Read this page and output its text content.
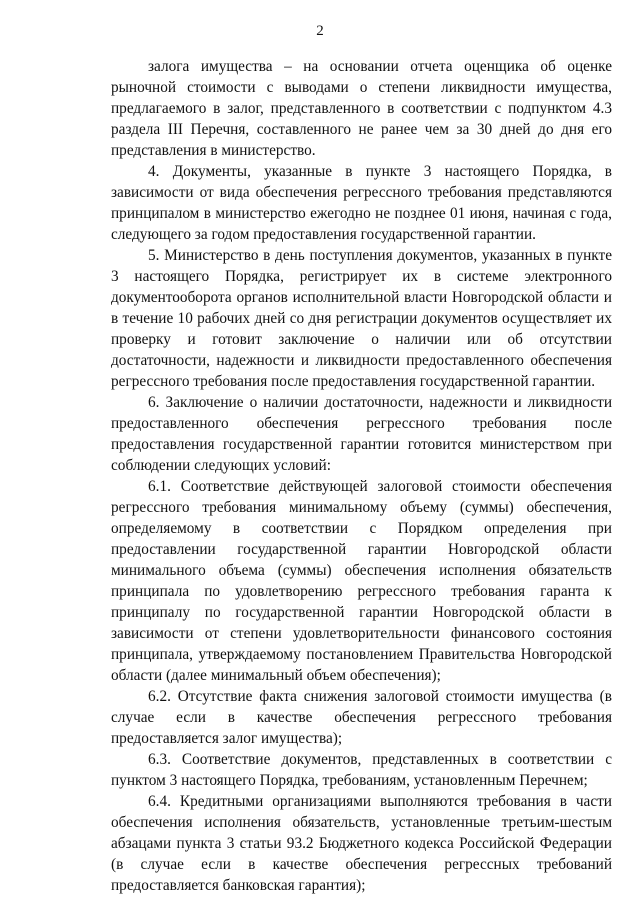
2

залога имущества – на основании отчета оценщика об оценке рыночной стоимости с выводами о степени ликвидности имущества, предлагаемого в залог, представленного в соответствии с подпунктом 4.3 раздела III Перечня, составленного не ранее чем за 30 дней до дня его представления в министерство.

4. Документы, указанные в пункте 3 настоящего Порядка, в зависимости от вида обеспечения регрессного требования представляются принципалом в министерство ежегодно не позднее 01 июня, начиная с года, следующего за годом предоставления государственной гарантии.

5. Министерство в день поступления документов, указанных в пункте 3 настоящего Порядка, регистрирует их в системе электронного документооборота органов исполнительной власти Новгородской области и в течение 10 рабочих дней со дня регистрации документов осуществляет их проверку и готовит заключение о наличии или об отсутствии достаточности, надежности и ликвидности предоставленного обеспечения регрессного требования после предоставления государственной гарантии.

6. Заключение о наличии достаточности, надежности и ликвидности предоставленного обеспечения регрессного требования после предоставления государственной гарантии готовится министерством при соблюдении следующих условий:

6.1. Соответствие действующей залоговой стоимости обеспечения регрессного требования минимальному объему (суммы) обеспечения, определяемому в соответствии с Порядком определения при предоставлении государственной гарантии Новгородской области минимального объема (суммы) обеспечения исполнения обязательств принципала по удовлетворению регрессного требования гаранта к принципалу по государственной гарантии Новгородской области в зависимости от степени удовлетворительности финансового состояния принципала, утверждаемому постановлением Правительства Новгородской области (далее минимальный объем обеспечения);

6.2. Отсутствие факта снижения залоговой стоимости имущества (в случае если в качестве обеспечения регрессного требования предоставляется залог имущества);

6.3. Соответствие документов, представленных в соответствии с пунктом 3 настоящего Порядка, требованиям, установленным Перечнем;

6.4. Кредитными организациями выполняются требования в части обеспечения исполнения обязательств, установленные третьим-шестым абзацами пункта 3 статьи 93.2 Бюджетного кодекса Российской Федерации (в случае если в качестве обеспечения регрессных требований предоставляется банковская гарантия);
